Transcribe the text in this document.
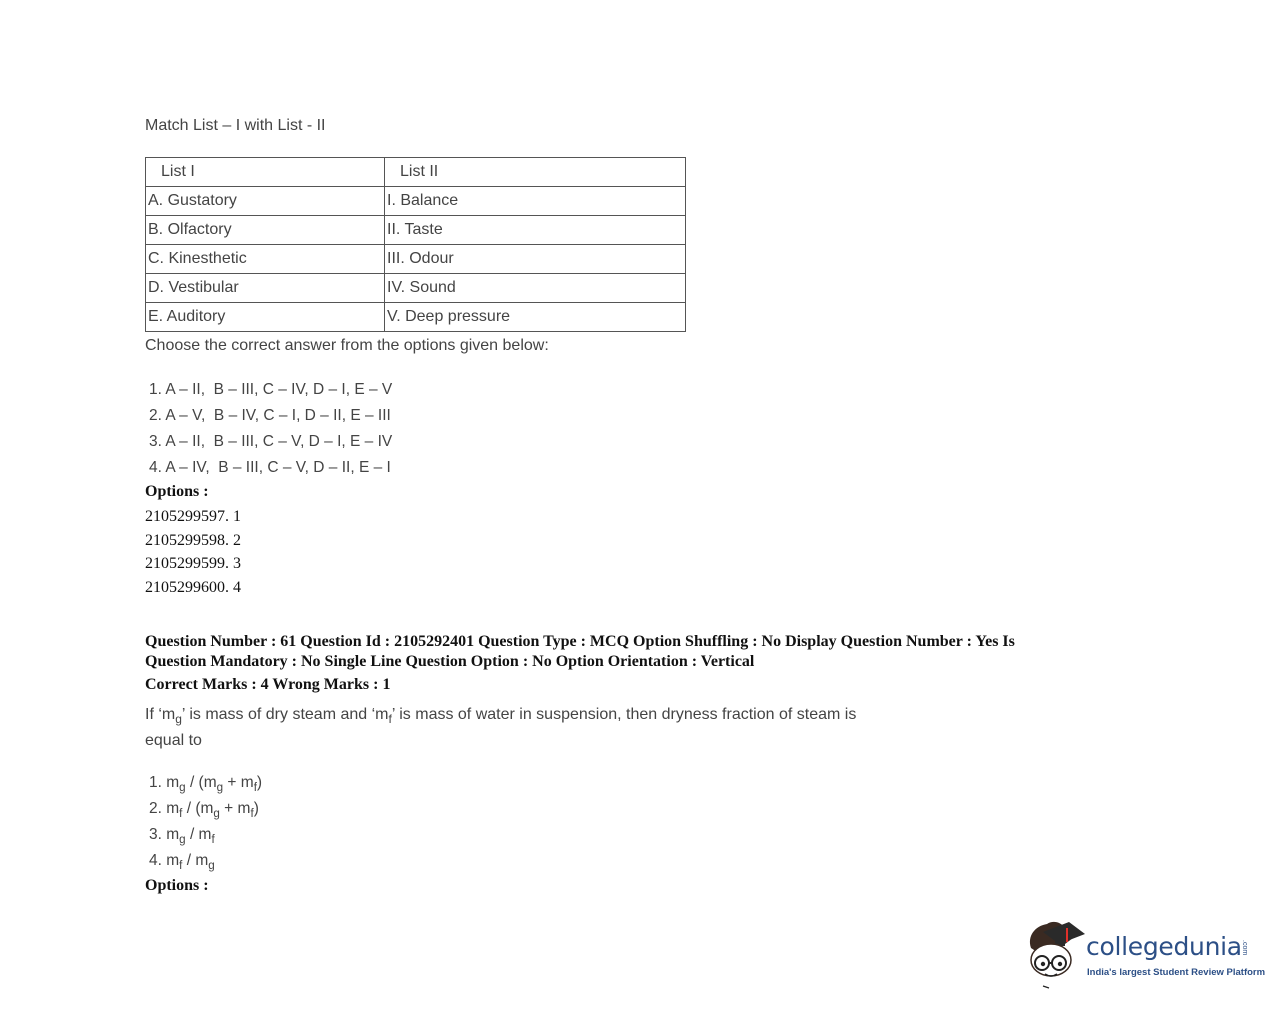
Match List – I with List - II
List I	List II
A. Gustatory	I. Balance
B. Olfactory	II. Taste
C. Kinesthetic	III. Odour
D. Vestibular	IV. Sound
E. Auditory	V. Deep pressure
Choose the correct answer from the options given below:
1. A – II,  B – III, C – IV, D – I, E – V
2. A – V,  B – IV, C – I, D – II, E – III
3. A – II,  B – III, C – V, D – I, E – IV
4. A – IV,  B – III, C – V, D – II, E – I
Options :
2105299597. 1
2105299598. 2
2105299599. 3
2105299600. 4
Question Number : 61 Question Id : 2105292401 Question Type : MCQ Option Shuffling : No Display Question Number : Yes Is
Question Mandatory : No Single Line Question Option : No Option Orientation : Vertical
Correct Marks : 4 Wrong Marks : 1
If ‘$m_g$’ is mass of dry steam and ‘$m_f$’ is mass of water in suspension, then dryness fraction of steam is equal to
1. $m_g / (m_g + m_f)$
2. $m_f / (m_g + m_f)$
3. $m_g / m_f$
4. $m_f / m_g$
Options :
collegedunia .com
India's largest Student Review Platform
